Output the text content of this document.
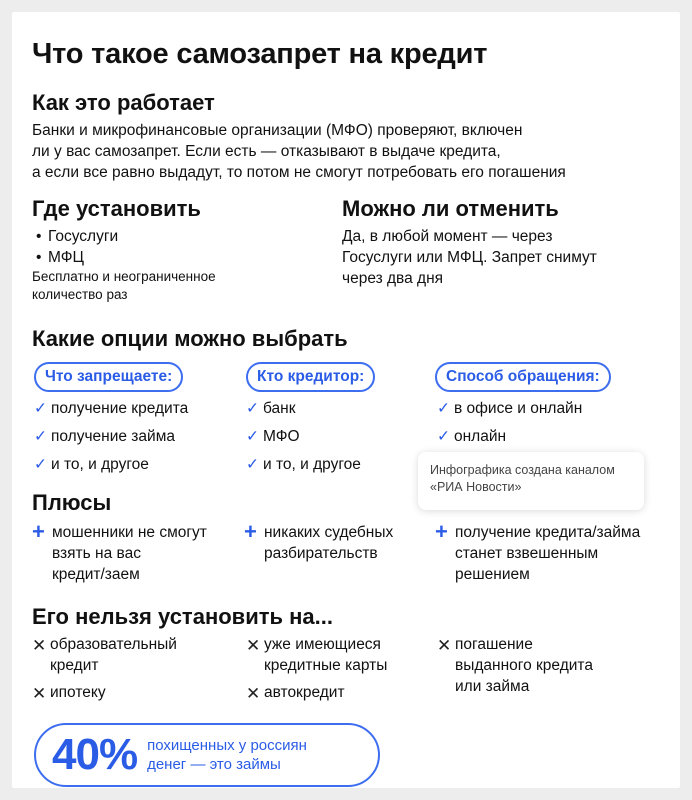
Что такое самозапрет на кредит
Как это работает
Банки и микрофинансовые организации (МФО) проверяют, включен
ли у вас самозапрет. Если есть — отказывают в выдаче кредита,
а если все равно выдадут, то потом не смогут потребовать его погашения
Где установить
• Госуслуги
• МФЦ
Бесплатно и неограниченное
количество раз
Можно ли отменить
Да, в любой момент — через
Госуслуги или МФЦ. Запрет снимут
через два дня
Какие опции можно выбрать
Что запрещаете:	Кто кредитор:	Способ обращения:
✓ получение кредита
✓ получение займа
✓ и то, и другое
✓ банк
✓ МФО
✓ и то, и другое
✓ в офисе и онлайн
✓ онлайн
Инфографика создана каналом
«РИА Новости»
Плюсы
+ мошенники не смогут
взять на вас
кредит/заем
+ никаких судебных
разбирательств
+ получение кредита/займа
станет взвешенным
решением
Его нельзя установить на...
✕ образовательный
кредит
✕ ипотеку
✕ уже имеющиеся
кредитные карты
✕ автокредит
✕ погашение
выданного кредита
или займа
40% похищенных у россиян
денег — это займы
